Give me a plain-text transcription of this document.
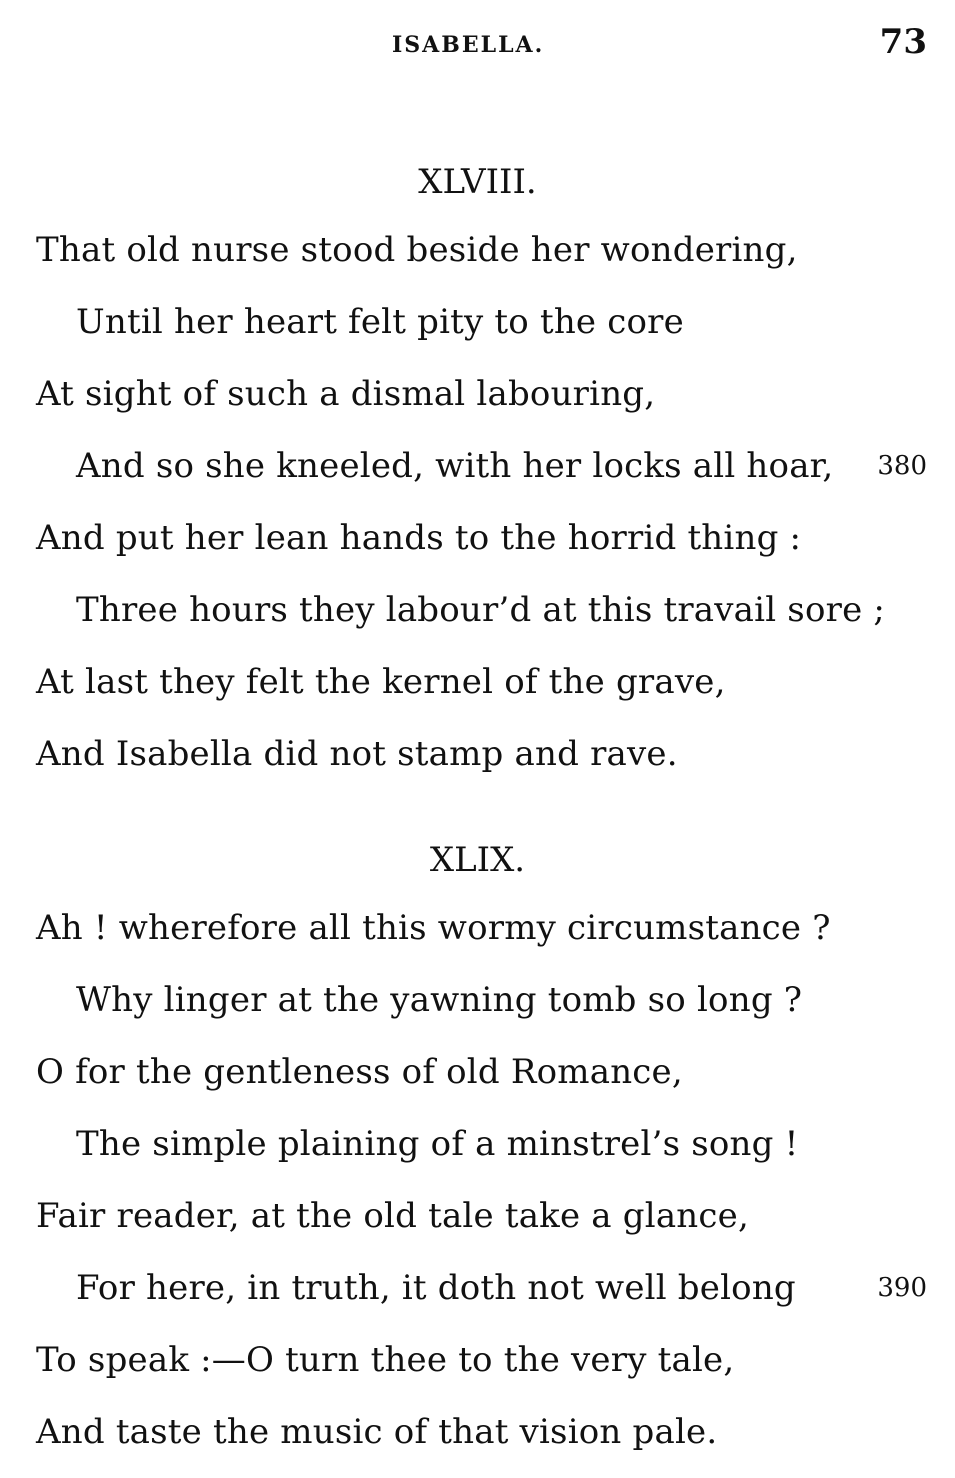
ISABELLA.	73
XLVIII.
That old nurse stood beside her wondering,
Until her heart felt pity to the core
At sight of such a dismal labouring,
And so she kneeled, with her locks all hoar, 380
And put her lean hands to the horrid thing :
Three hours they labour’d at this travail sore ;
At last they felt the kernel of the grave,
And Isabella did not stamp and rave.
XLIX.
Ah ! wherefore all this wormy circumstance ?
Why linger at the yawning tomb so long ?
O for the gentleness of old Romance,
The simple plaining of a minstrel’s song !
Fair reader, at the old tale take a glance,
For here, in truth, it doth not well belong	390
To speak :—O turn thee to the very tale,
And taste the music of that vision pale.
